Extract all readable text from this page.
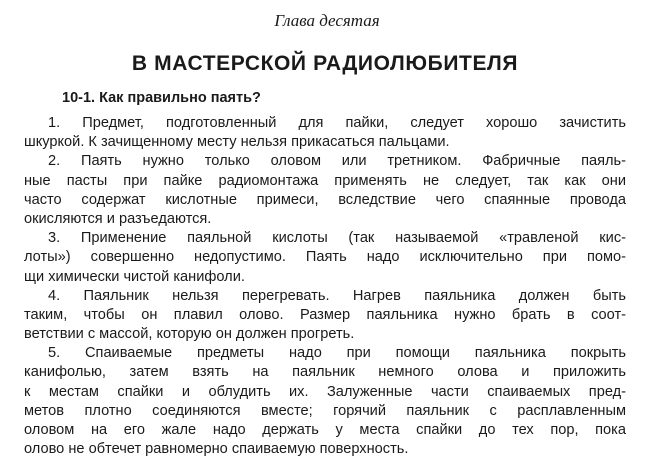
Глава десятая

В МАСТЕРСКОЙ РАДИОЛЮБИТЕЛЯ
10-1. Как правильно паять?
1. Предмет, подготовленный для пайки, следует хорошо зачистить
шкуркой. К зачищенному месту нельзя прикасаться пальцами.
2. Паять нужно только оловом или третником. Фабричные паяль-
ные пасты при пайке радиомонтажа применять не следует, так как они
часто содержат кислотные примеси, вследствие чего спаянные провода
окисляются и разъедаются.
3. Применение паяльной кислоты (так называемой «травленой кис-
лоты») совершенно недопустимо. Паять надо исключительно при помо-
щи химически чистой канифоли.
4. Паяльник нельзя перегревать. Нагрев паяльника должен быть
таким, чтобы он плавил олово. Размер паяльника нужно брать в соот-
ветствии с массой, которую он должен прогреть.
5. Спаиваемые предметы надо при помощи паяльника покрыть
канифолью, затем взять на паяльник немного олова и приложить
к местам спайки и облудить их. Залуженные части спаиваемых пред-
метов плотно соединяются вместе; горячий паяльник с расплавленным
оловом на его жале надо держать у места спайки до тех пор, пока
олово не обтечет равномерно спаиваемую поверхность.
